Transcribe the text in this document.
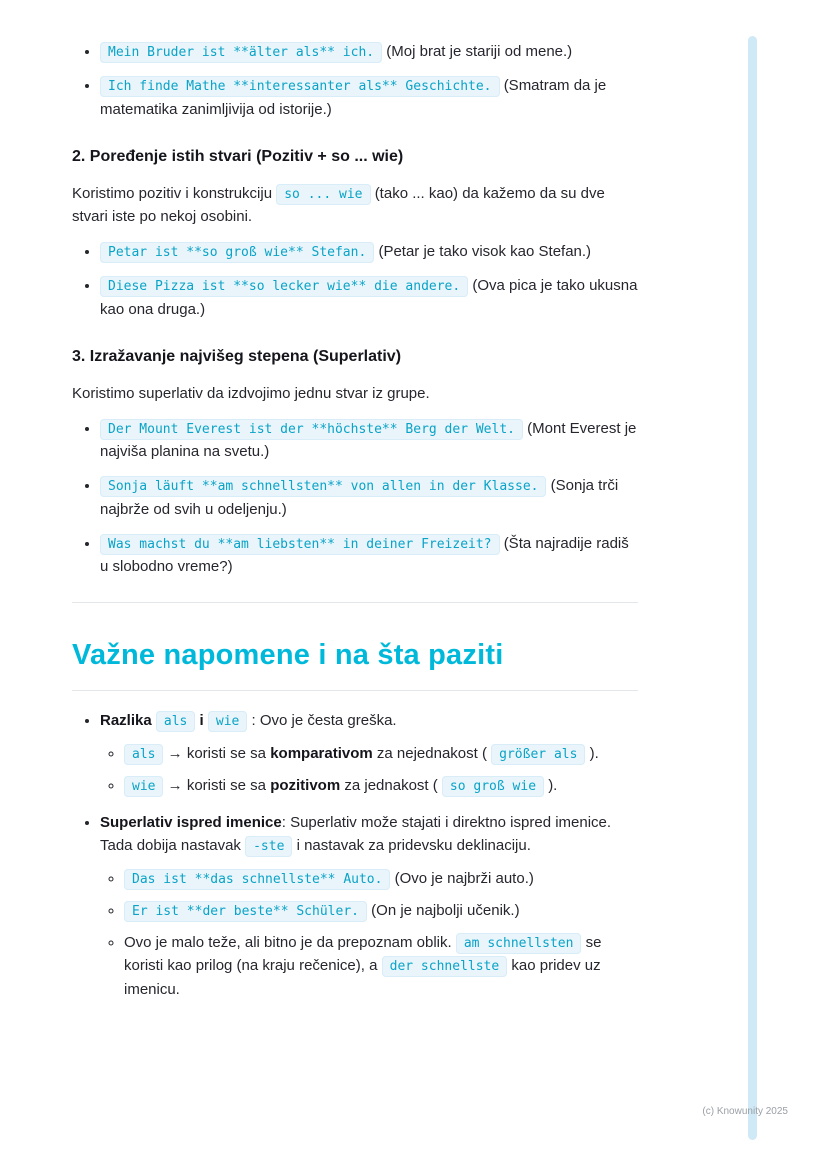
• Mein Bruder ist **älter als** ich. (Moj brat je stariji od mene.)
• Ich finde Mathe **interessanter als** Geschichte. (Smatram da je matematika zanimljivija od istorije.)
2. Poređenje istih stvari (Pozitiv + so ... wie)

Koristimo pozitiv i konstrukciju so ... wie (tako ... kao) da kažemo da su dve stvari iste po nekoj osobini.

• Petar ist **so groß wie** Stefan. (Petar je tako visok kao Stefan.)
• Diese Pizza ist **so lecker wie** die andere. (Ova pica je tako ukusna kao ona druga.)
3. Izražavanje najvišeg stepena (Superlativ)

Koristimo superlativ da izdvojimo jednu stvar iz grupe.

• Der Mount Everest ist der **höchste** Berg der Welt. (Mont Everest je najviša planina na svetu.)
• Sonja läuft **am schnellsten** von allen in der Klasse. (Sonja trči najbrže od svih u odeljenju.)
• Was machst du **am liebsten** in deiner Freizeit? (Šta najradije radiš u slobodno vreme?)
Važne napomene i na šta paziti
• Razlika als i wie : Ovo je česta greška.
◦ als → koristi se sa komparativom za nejednakost ( größer als ).
◦ wie → koristi se sa pozitivom za jednakost ( so groß wie ).
• Superlativ ispred imenice: Superlativ može stajati i direktno ispred imenice. Tada dobija nastavak -ste i nastavak za pridevsku deklinaciju.
◦ Das ist **das schnellste** Auto. (Ovo je najbrži auto.)
◦ Er ist **der beste** Schüler. (On je najbolji učenik.)
◦ Ovo je malo teže, ali bitno je da prepoznam oblik. am schnellsten se koristi kao prilog (na kraju rečenice), a der schnellste kao pridev uz imenicu.
(c) Knowunity 2025
